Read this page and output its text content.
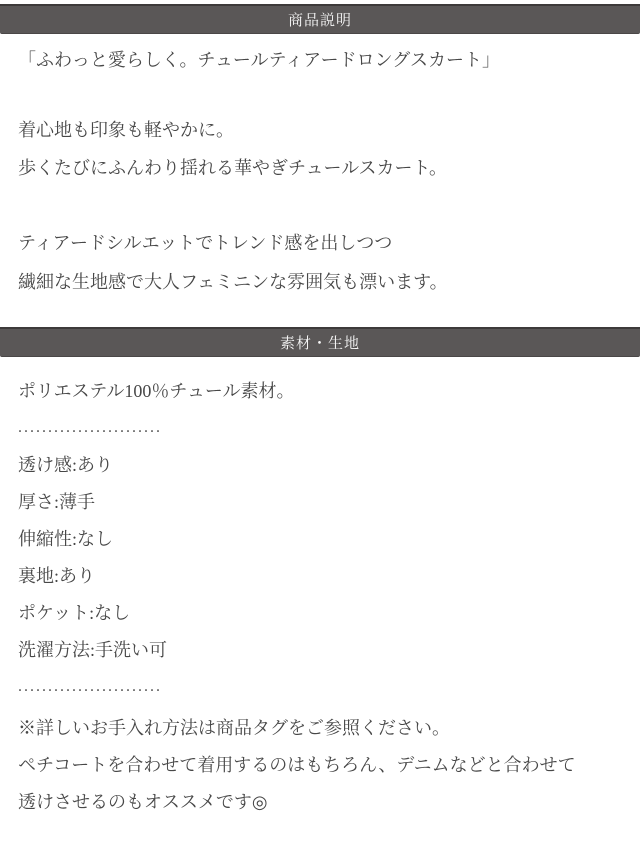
商品説明

「ふわっと愛らしく。チュールティアードロングスカート」

着心地も印象も軽やかに。

歩くたびにふんわり揺れる華やぎチュールスカート。

ティアードシルエットでトレンド感を出しつつ

繊細な生地感で大人フェミニンな雰囲気も漂います。

素材・生地

ポリエステル100％チュール素材。

........................

透け感:あり

厚さ:薄手

伸縮性:なし

裏地:あり

ポケット:なし

洗濯方法:手洗い可

........................

※詳しいお手入れ方法は商品タグをご参照ください。

ペチコートを合わせて着用するのはもちろん、デニムなどと合わせて

透けさせるのもオススメです◎
